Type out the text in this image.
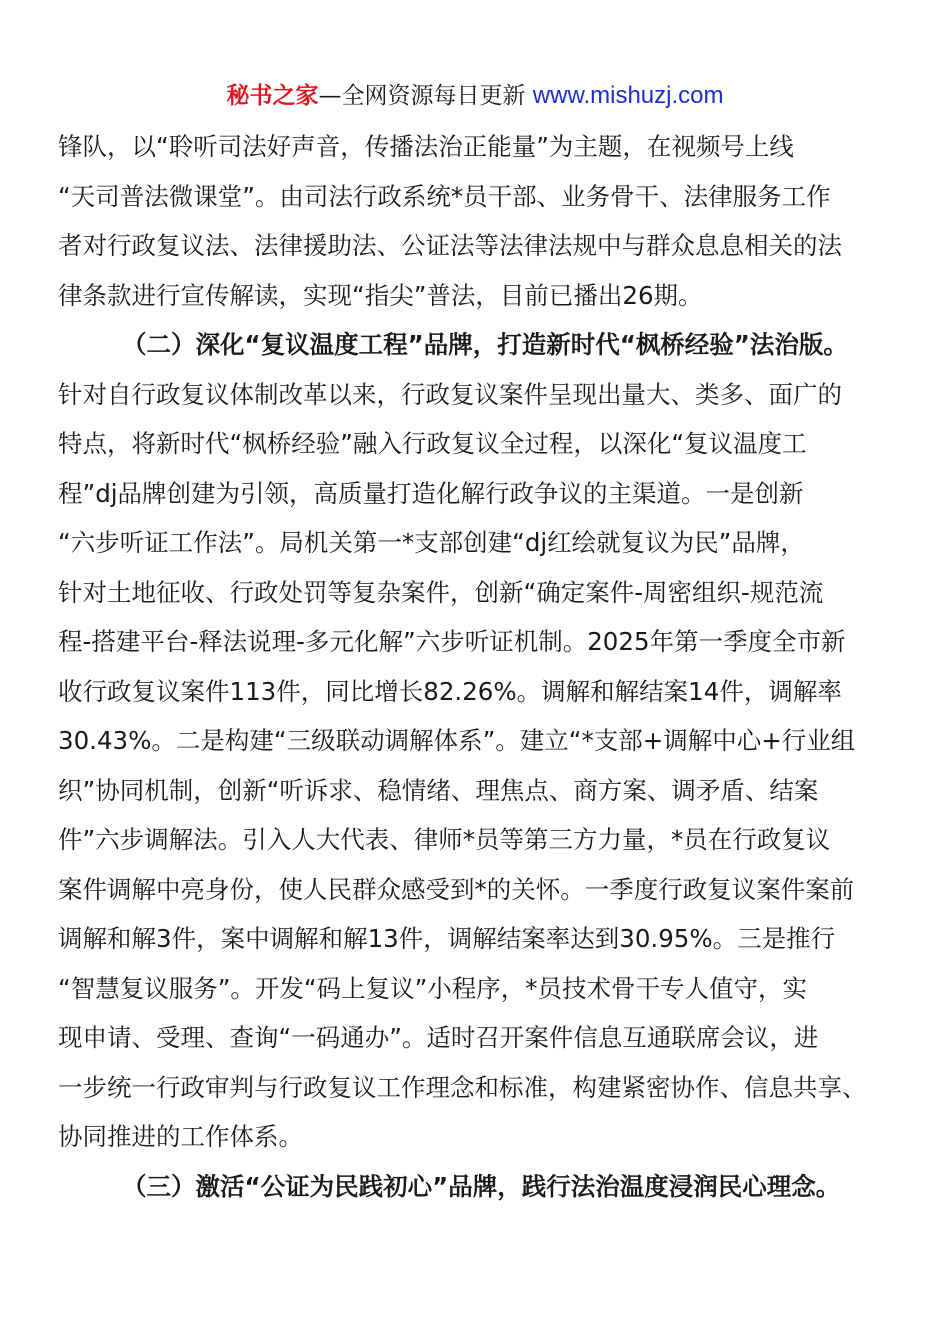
秘书之家—全网资源每日更新 www.mishuzj.com
锋队，以“聆听司法好声音，传播法治正能量”为主题，在视频号上线
“天司普法微课堂”。由司法行政系统*员干部、业务骨干、法律服务工作
者对行政复议法、法律援助法、公证法等法律法规中与群众息息相关的法
律条款进行宣传解读，实现“指尖”普法，目前已播出26期。
（二）深化“复议温度工程”品牌，打造新时代“枫桥经验”法治版。
针对自行政复议体制改革以来，行政复议案件呈现出量大、类多、面广的
特点，将新时代“枫桥经验”融入行政复议全过程，以深化“复议温度工
程”dj品牌创建为引领，高质量打造化解行政争议的主渠道。一是创新
“六步听证工作法”。局机关第一*支部创建“dj红绘就复议为民”品牌，
针对土地征收、行政处罚等复杂案件，创新“确定案件-周密组织-规范流
程-搭建平台-释法说理-多元化解”六步听证机制。2025年第一季度全市新
收行政复议案件113件，同比增长82.26%。调解和解结案14件，调解率
30.43%。二是构建“三级联动调解体系”。建立“*支部+调解中心+行业组
织”协同机制，创新“听诉求、稳情绪、理焦点、商方案、调矛盾、结案
件”六步调解法。引入人大代表、律师*员等第三方力量，*员在行政复议
案件调解中亮身份，使人民群众感受到*的关怀。一季度行政复议案件案前
调解和解3件，案中调解和解13件，调解结案率达到30.95%。三是推行
“智慧复议服务”。开发“码上复议”小程序，*员技术骨干专人值守，实
现申请、受理、查询“一码通办”。适时召开案件信息互通联席会议，进
一步统一行政审判与行政复议工作理念和标准，构建紧密协作、信息共享、
协同推进的工作体系。
（三）激活“公证为民践初心”品牌，践行法治温度浸润民心理念。
